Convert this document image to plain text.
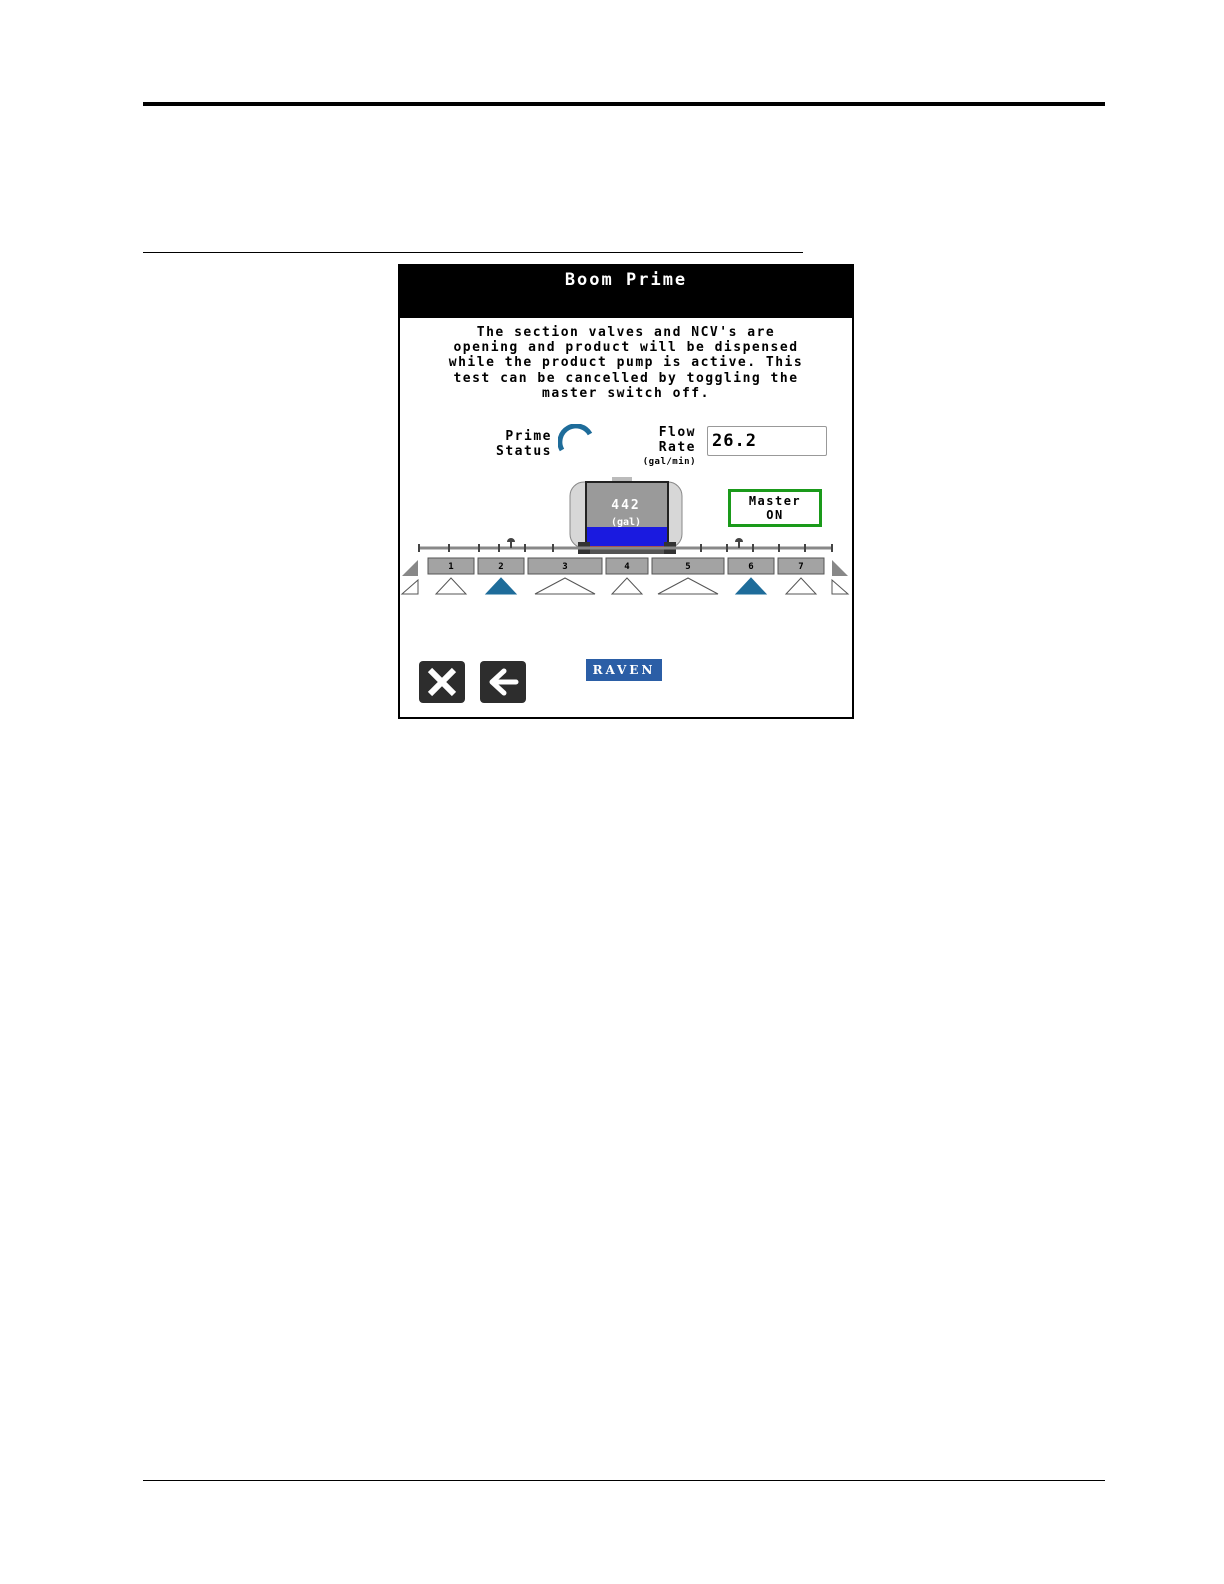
Boom Prime
The section valves and NCV's are
opening and product will be dispensed
while the product pump is active. This
test can be cancelled by toggling the
master switch off.
Prime
Status
Flow
Rate
(gal/min)
26.2
Master
ON
442
(gal)
1	2	3	4	5	6	7
RAVEN
